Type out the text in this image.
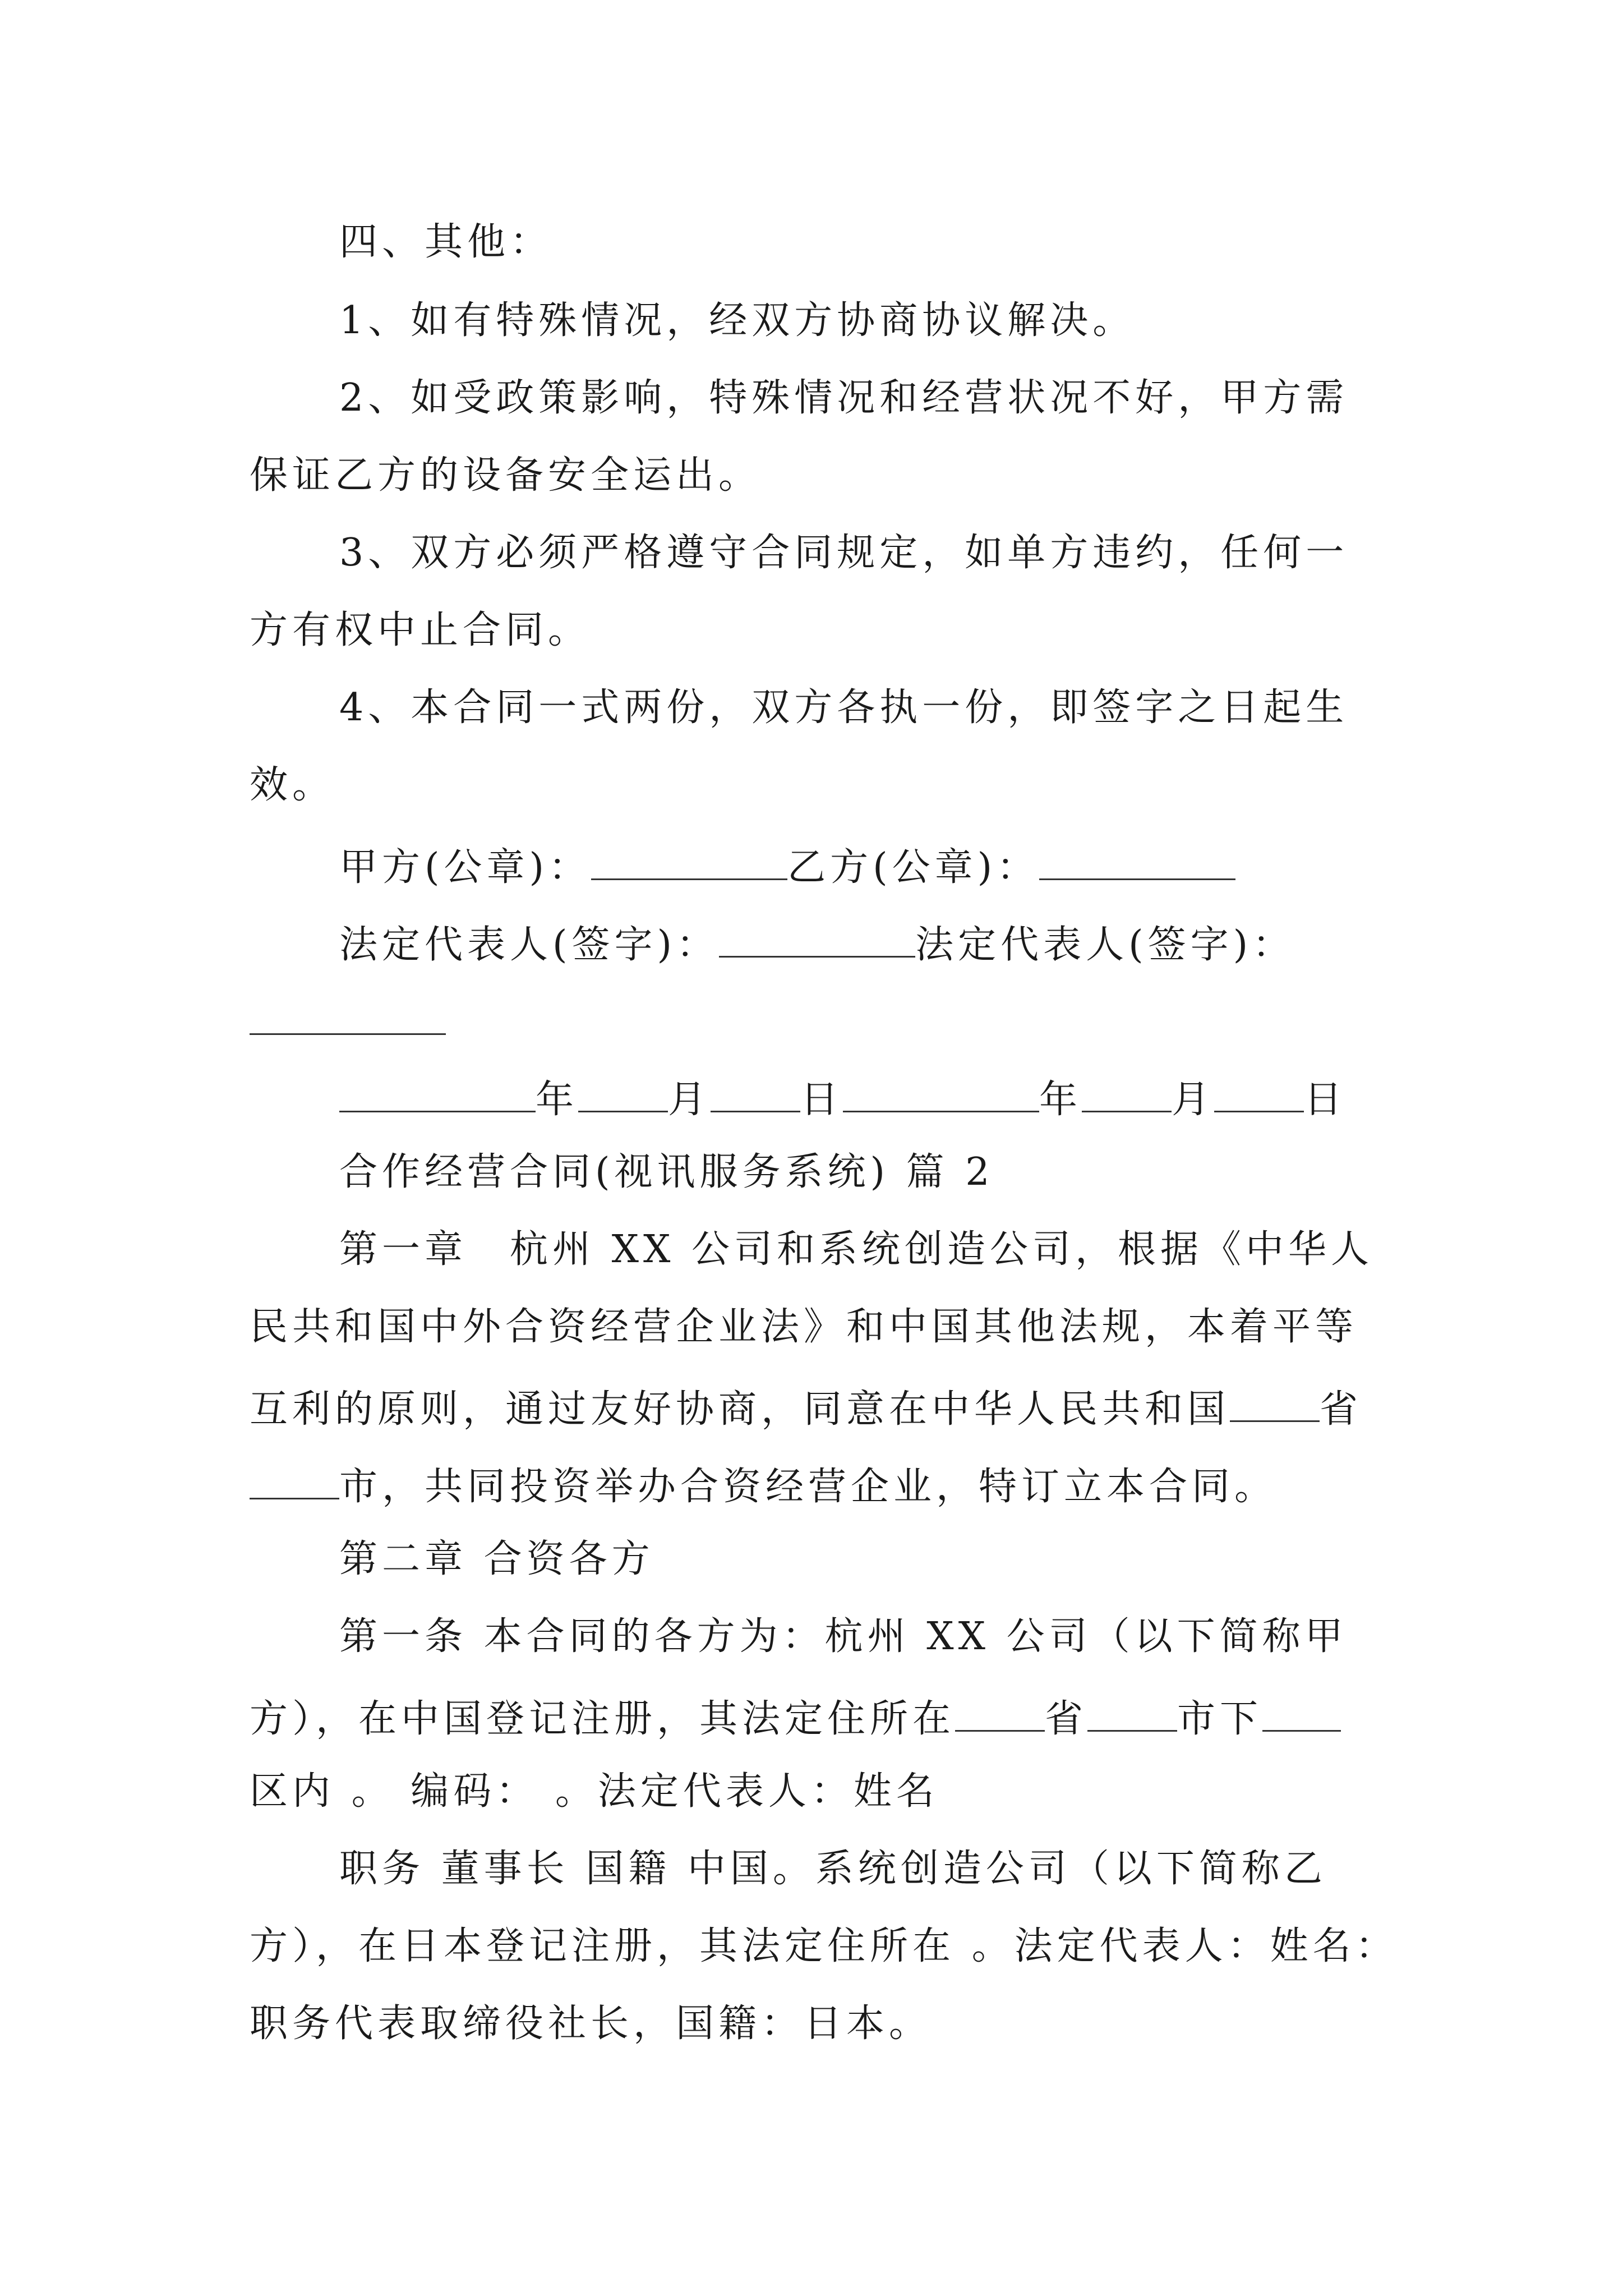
四、其他：
1、如有特殊情况，经双方协商协议解决。
2、如受政策影响，特殊情况和经营状况不好，甲方需
保证乙方的设备安全运出。
3、双方必须严格遵守合同规定，如单方违约，任何一
方有权中止合同。
4、本合同一式两份，双方各执一份，即签字之日起生
效。
甲方(公章)：	乙方(公章)：
法定代表人(签字)：	法定代表人(签字)：
年 月 日	年 月 日
合作经营合同(视讯服务系统) 篇 2
第一章　杭州 XX 公司和系统创造公司，根据《中华人
民共和国中外合资经营企业法》和中国其他法规，本着平等
互利的原则，通过友好协商，同意在中华人民共和国 省
市，共同投资举办合资经营企业，特订立本合同。
第二章 合资各方
第一条 本合同的各方为：杭州 XX 公司（以下简称甲
方），在中国登记注册，其法定住所在 省 市下
区内 。 编码： 。法定代表人：姓名
职务 董事长 国籍 中国。系统创造公司（以下简称乙
方），在日本登记注册，其法定住所在 。法定代表人：姓名：
职务代表取缔役社长，国籍：日本。
